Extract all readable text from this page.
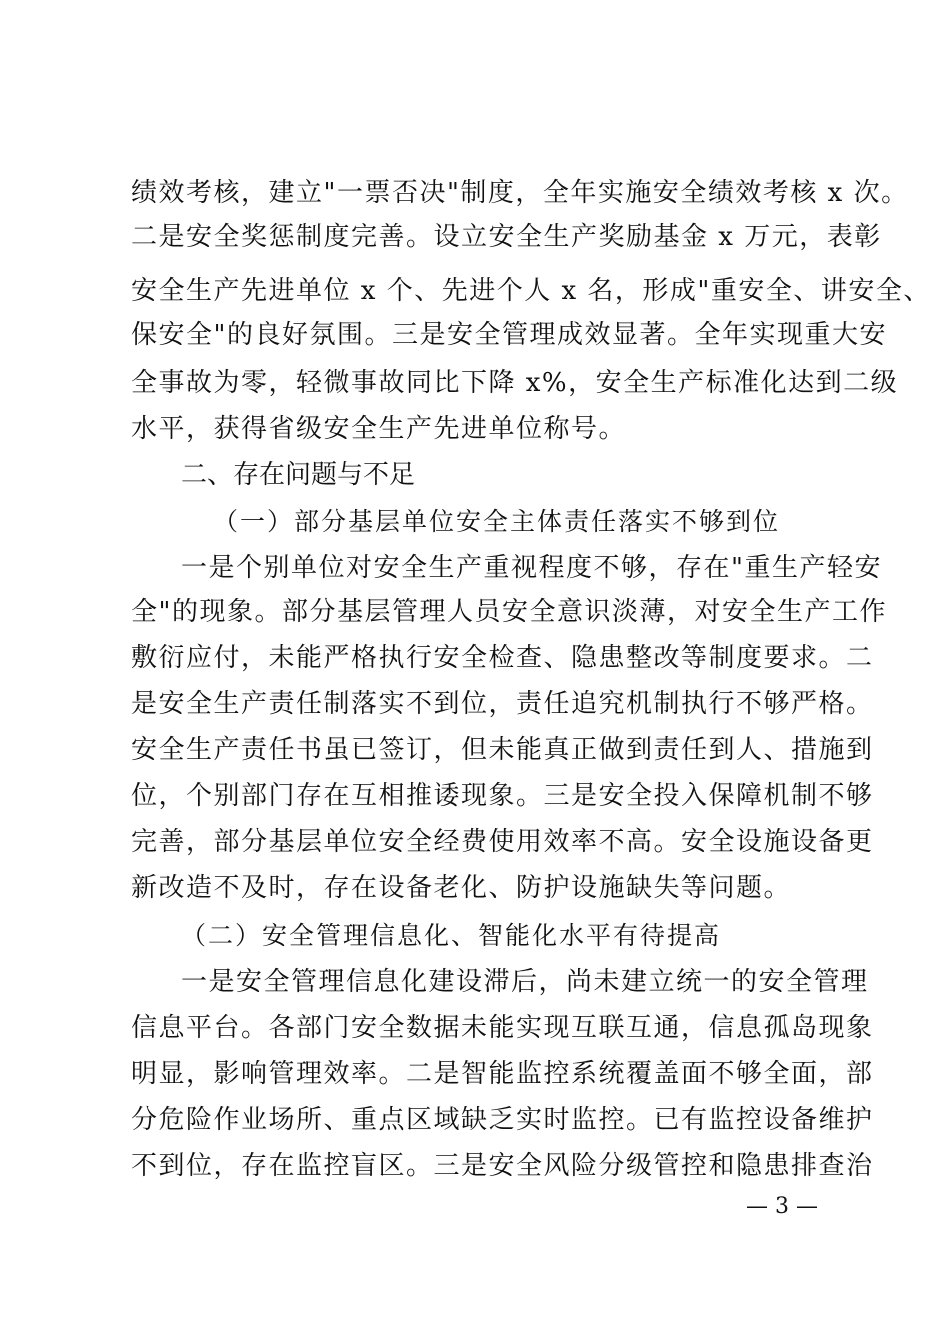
绩效考核，建立"一票否决"制度，全年实施安全绩效考核 x 次。
二是安全奖惩制度完善。设立安全生产奖励基金 x 万元，表彰
安全生产先进单位 x 个、先进个人 x 名，形成"重安全、讲安全、
保安全"的良好氛围。三是安全管理成效显著。全年实现重大安
全事故为零，轻微事故同比下降 x%，安全生产标准化达到二级
水平，获得省级安全生产先进单位称号。
二、存在问题与不足
（一）部分基层单位安全主体责任落实不够到位
一是个别单位对安全生产重视程度不够，存在"重生产轻安
全"的现象。部分基层管理人员安全意识淡薄，对安全生产工作
敷衍应付，未能严格执行安全检查、隐患整改等制度要求。二
是安全生产责任制落实不到位，责任追究机制执行不够严格。
安全生产责任书虽已签订，但未能真正做到责任到人、措施到
位，个别部门存在互相推诿现象。三是安全投入保障机制不够
完善，部分基层单位安全经费使用效率不高。安全设施设备更
新改造不及时，存在设备老化、防护设施缺失等问题。
（二）安全管理信息化、智能化水平有待提高
一是安全管理信息化建设滞后，尚未建立统一的安全管理
信息平台。各部门安全数据未能实现互联互通，信息孤岛现象
明显，影响管理效率。二是智能监控系统覆盖面不够全面，部
分危险作业场所、重点区域缺乏实时监控。已有监控设备维护
不到位，存在监控盲区。三是安全风险分级管控和隐患排查治
— 3 —
